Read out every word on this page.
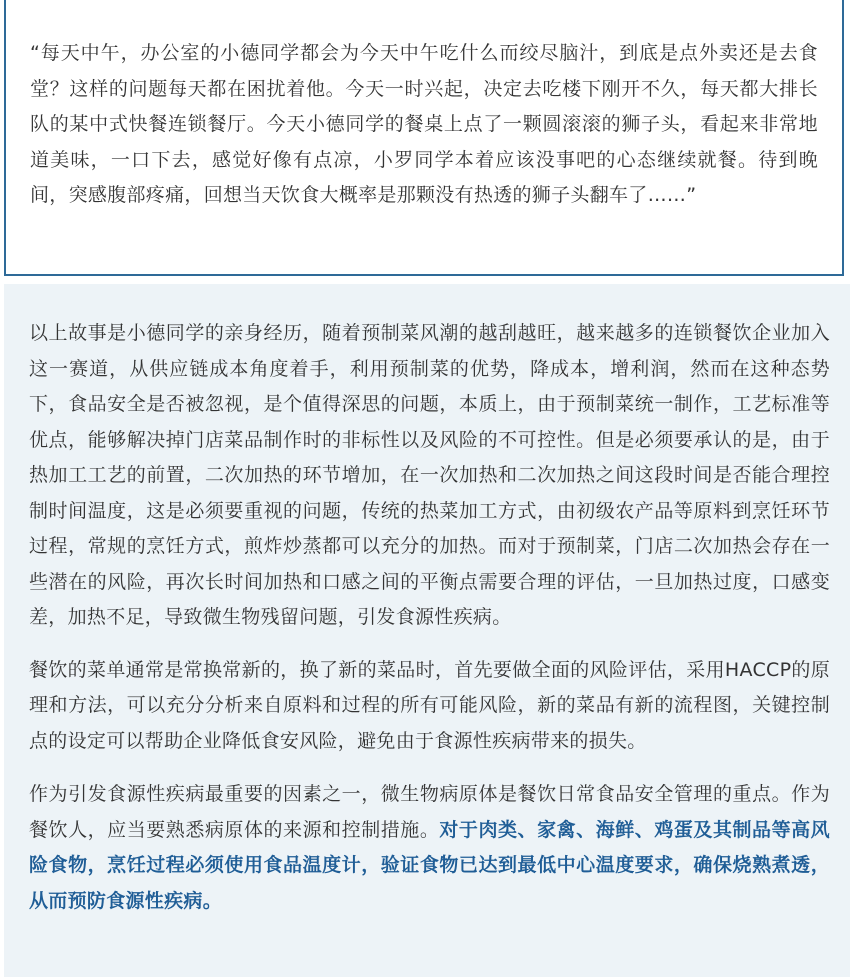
“每天中午，办公室的小德同学都会为今天中午吃什么而绞尽脑汁，到底是点外卖还是去食堂？这样的问题每天都在困扰着他。今天一时兴起，决定去吃楼下刚开不久，每天都大排长队的某中式快餐连锁餐厅。今天小德同学的餐桌上点了一颗圆滚滚的狮子头，看起来非常地道美味，一口下去，感觉好像有点凉，小罗同学本着应该没事吧的心态继续就餐。待到晚间，突感腹部疼痛，回想当天饮食大概率是那颗没有热透的狮子头翻车了……”

以上故事是小德同学的亲身经历，随着预制菜风潮的越刮越旺，越来越多的连锁餐饮企业加入这一赛道，从供应链成本角度着手，利用预制菜的优势，降成本，增利润，然而在这种态势下，食品安全是否被忽视，是个值得深思的问题，本质上，由于预制菜统一制作，工艺标准等优点，能够解决掉门店菜品制作时的非标性以及风险的不可控性。但是必须要承认的是，由于热加工工艺的前置，二次加热的环节增加，在一次加热和二次加热之间这段时间是否能合理控制时间温度，这是必须要重视的问题，传统的热菜加工方式，由初级农产品等原料到烹饪环节过程，常规的烹饪方式，煎炸炒蒸都可以充分的加热。而对于预制菜，门店二次加热会存在一些潜在的风险，再次长时间加热和口感之间的平衡点需要合理的评估，一旦加热过度，口感变差，加热不足，导致微生物残留问题，引发食源性疾病。

餐饮的菜单通常是常换常新的，换了新的菜品时，首先要做全面的风险评估，采用HACCP的原理和方法，可以充分分析来自原料和过程的所有可能风险，新的菜品有新的流程图，关键控制点的设定可以帮助企业降低食安风险，避免由于食源性疾病带来的损失。

作为引发食源性疾病最重要的因素之一，微生物病原体是餐饮日常食品安全管理的重点。作为餐饮人，应当要熟悉病原体的来源和控制措施。对于肉类、家禽、海鲜、鸡蛋及其制品等高风险食物，烹饪过程必须使用食品温度计，验证食物已达到最低中心温度要求，确保烧熟煮透，从而预防食源性疾病。
